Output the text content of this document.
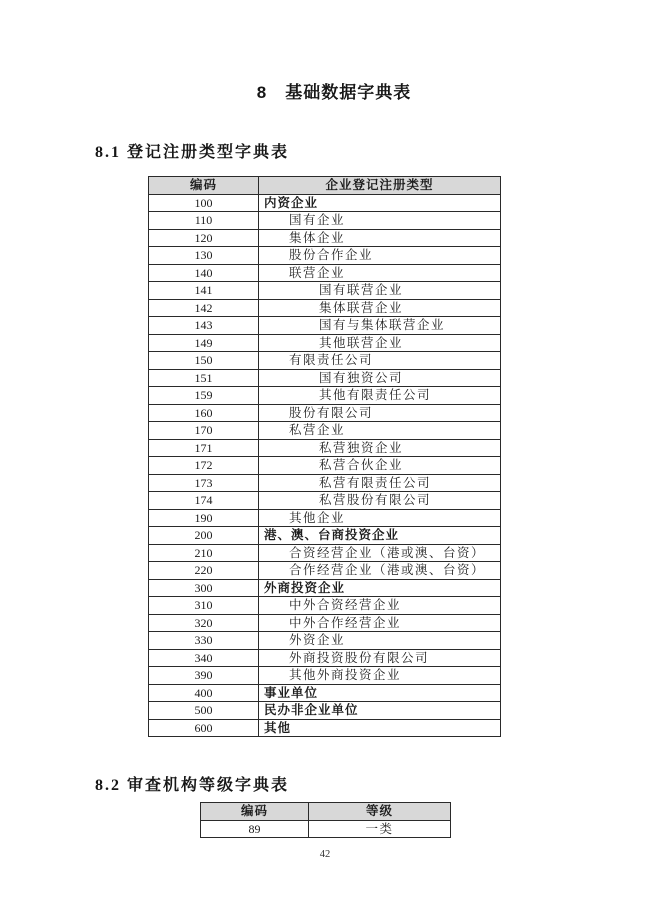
8　基础数据字典表
8.1 登记注册类型字典表
编码	企业登记注册类型
100	内资企业
110	国有企业
120	集体企业
130	股份合作企业
140	联营企业
141	国有联营企业
142	集体联营企业
143	国有与集体联营企业
149	其他联营企业
150	有限责任公司
151	国有独资公司
159	其他有限责任公司
160	股份有限公司
170	私营企业
171	私营独资企业
172	私营合伙企业
173	私营有限责任公司
174	私营股份有限公司
190	其他企业
200	港、澳、台商投资企业
210	合资经营企业（港或澳、台资）
220	合作经营企业（港或澳、台资）
300	外商投资企业
310	中外合资经营企业
320	中外合作经营企业
330	外资企业
340	外商投资股份有限公司
390	其他外商投资企业
400	事业单位
500	民办非企业单位
600	其他
8.2 审查机构等级字典表
编码	等级
89	一类
42
